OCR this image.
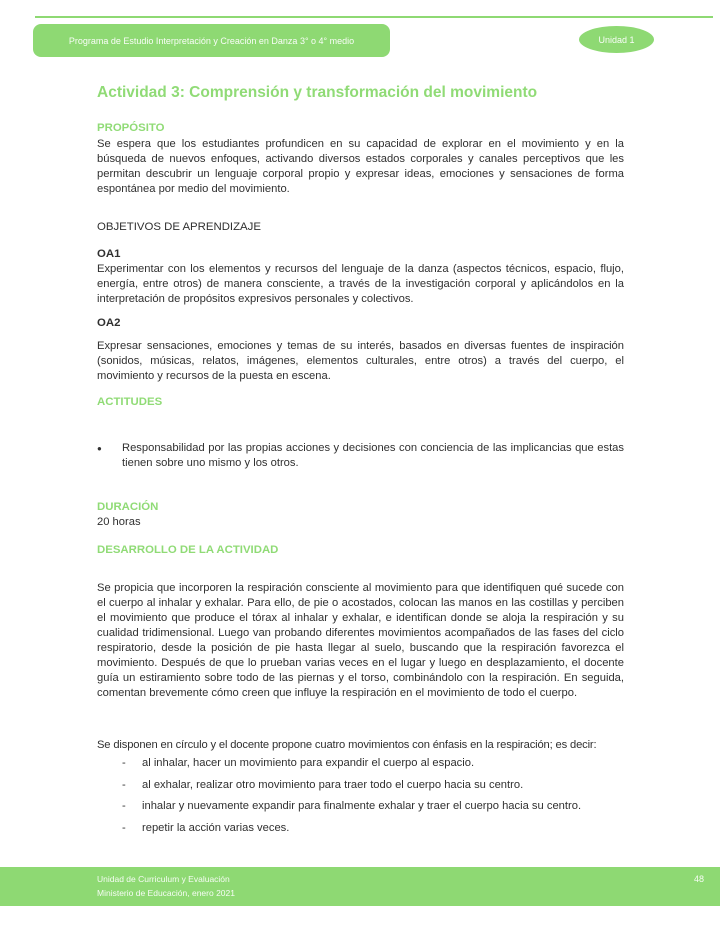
Programa de Estudio Interpretación y Creación en Danza 3° o 4° medio	Unidad 1
Actividad 3: Comprensión y transformación del movimiento
PROPÓSITO
Se espera que los estudiantes profundicen en su capacidad de explorar en el movimiento y en la búsqueda de nuevos enfoques, activando diversos estados corporales y canales perceptivos que les permitan descubrir un lenguaje corporal propio y expresar ideas, emociones y sensaciones de forma espontánea por medio del movimiento.
OBJETIVOS DE APRENDIZAJE
OA1
Experimentar con los elementos y recursos del lenguaje de la danza (aspectos técnicos, espacio, flujo, energía, entre otros) de manera consciente, a través de la investigación corporal y aplicándolos en la interpretación de propósitos expresivos personales y colectivos.
OA2
Expresar sensaciones, emociones y temas de su interés, basados en diversas fuentes de inspiración (sonidos, músicas, relatos, imágenes, elementos culturales, entre otros) a través del cuerpo, el movimiento y recursos de la puesta en escena.
ACTITUDES
●	Responsabilidad por las propias acciones y decisiones con conciencia de las implicancias que estas tienen sobre uno mismo y los otros.
DURACIÓN
20 horas
DESARROLLO DE LA ACTIVIDAD
Se propicia que incorporen la respiración consciente al movimiento para que identifiquen qué sucede con el cuerpo al inhalar y exhalar. Para ello, de pie o acostados, colocan las manos en las costillas y perciben el movimiento que produce el tórax al inhalar y exhalar, e identifican donde se aloja la respiración y su cualidad tridimensional. Luego van probando diferentes movimientos acompañados de las fases del ciclo respiratorio, desde la posición de pie hasta llegar al suelo, buscando que la respiración favorezca el movimiento. Después de que lo prueban varias veces en el lugar y luego en desplazamiento, el docente guía un estiramiento sobre todo de las piernas y el torso, combinándolo con la respiración. En seguida, comentan brevemente cómo creen que influye la respiración en el movimiento de todo el cuerpo.
Se disponen en círculo y el docente propone cuatro movimientos con énfasis en la respiración; es decir:
-	al inhalar, hacer un movimiento para expandir el cuerpo al espacio.
-	al exhalar, realizar otro movimiento para traer todo el cuerpo hacia su centro.
-	inhalar y nuevamente expandir para finalmente exhalar y traer el cuerpo hacia su centro.
-	repetir la acción varias veces.
Unidad de Curriculum y Evaluación
Ministerio de Educación, enero 2021
48
